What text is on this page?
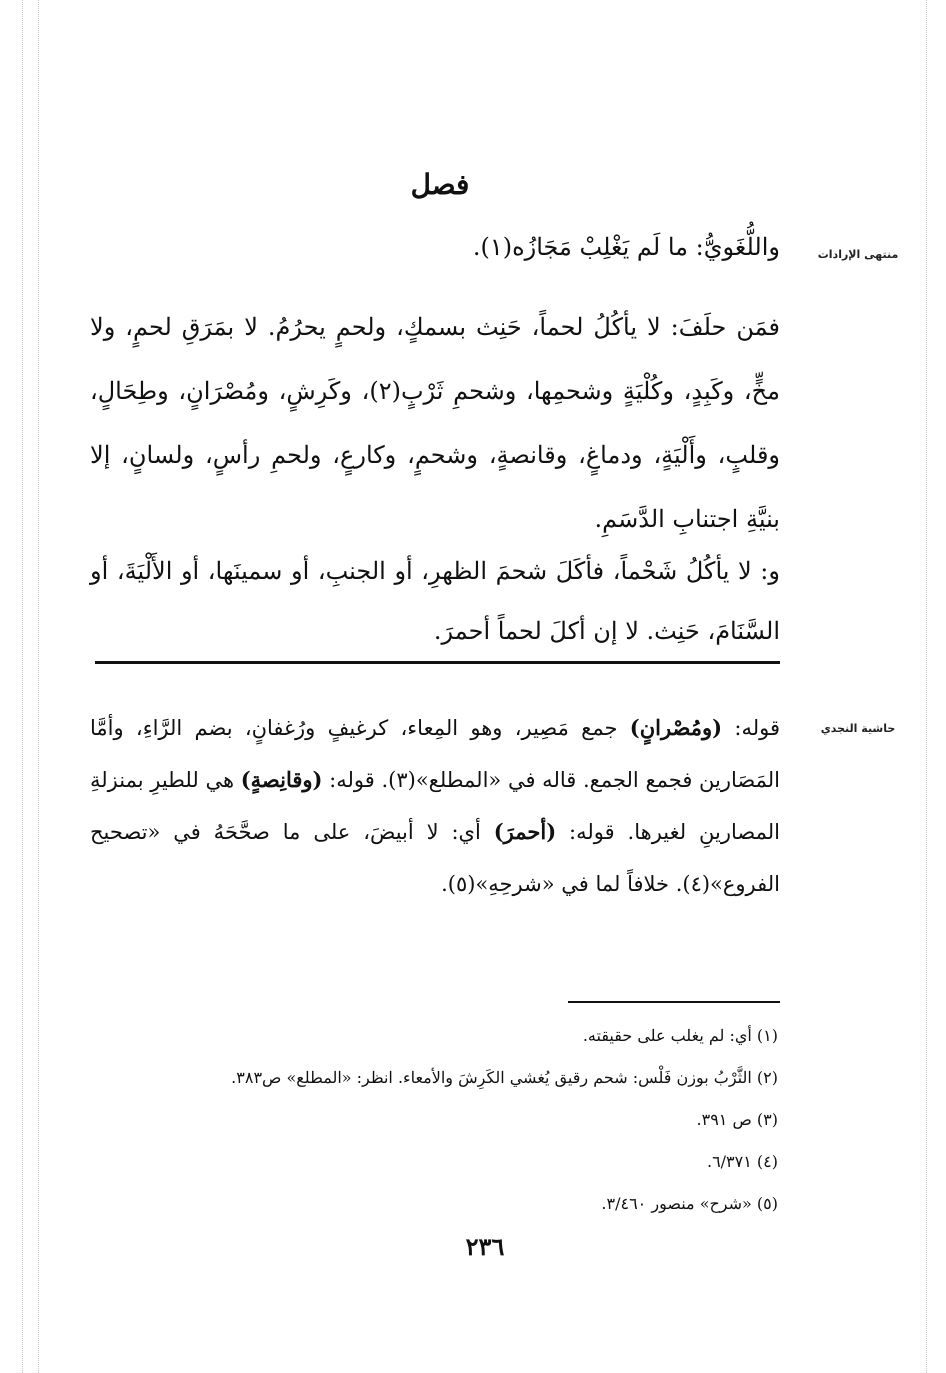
فصل
منتهى الإرادات

واللُّغَويُّ: ما لَم يَغْلِبْ مَجَازُه(١).

فمَن حلَفَ: لا يأكُلُ لحماً، حَنِث بسمكٍ، ولحمٍ يحرُمُ. لا بمَرَقِ لحمٍ، ولا مخٍّ، وكَبِدٍ، وكُلْيَةٍ وشحمِها، وشحمِ ثَرْبٍ(٢)، وكَرِشٍ، ومُصْرَانٍ، وطِحَالٍ، وقلبٍ، وأَلْيَةٍ، ودماغٍ، وقانصةٍ، وشحمٍ، وكارعٍ، ولحمِ رأسٍ، ولسانٍ، إلا بنيَّةِ اجتنابِ الدَّسَمِ.

و: لا يأكُلُ شَحْماً، فأكَلَ شحمَ الظهرِ، أو الجنبِ، أو سمينَها، أو الأَلْيَةَ، أو السَّنَامَ، حَنِث. لا إن أكلَ لحماً أحمرَ.

حاشية النجدي

قوله: (ومُصْرانٍ) جمع مَصِير، وهو المِعاء، كرغيفٍ ورُغفانٍ، بضم الرَّاءِ، وأمَّا المَصَارين فجمع الجمع. قاله في «المطلع»(٣). قوله: (وقانِصةٍ) هي للطيرِ بمنزلةِ المصارينِ لغيرها. قوله: (أحمرَ) أي: لا أبيضَ، على ما صحَّحَهُ في «تصحيح الفروع»(٤). خلافاً لما في «شرحِهِ»(٥).

(١) أي: لم يغلب على حقيقته.
(٢) الثَّرْبُ بوزن فَلْس: شحم رقيق يُغشي الكَرِشَ والأمعاء. انظر: «المطلع» ص٣٨٣.
(٣) ص ٣٩١.
(٤) ٦/٣٧١.
(٥) «شرح» منصور ٣/٤٦٠.
٢٣٦
